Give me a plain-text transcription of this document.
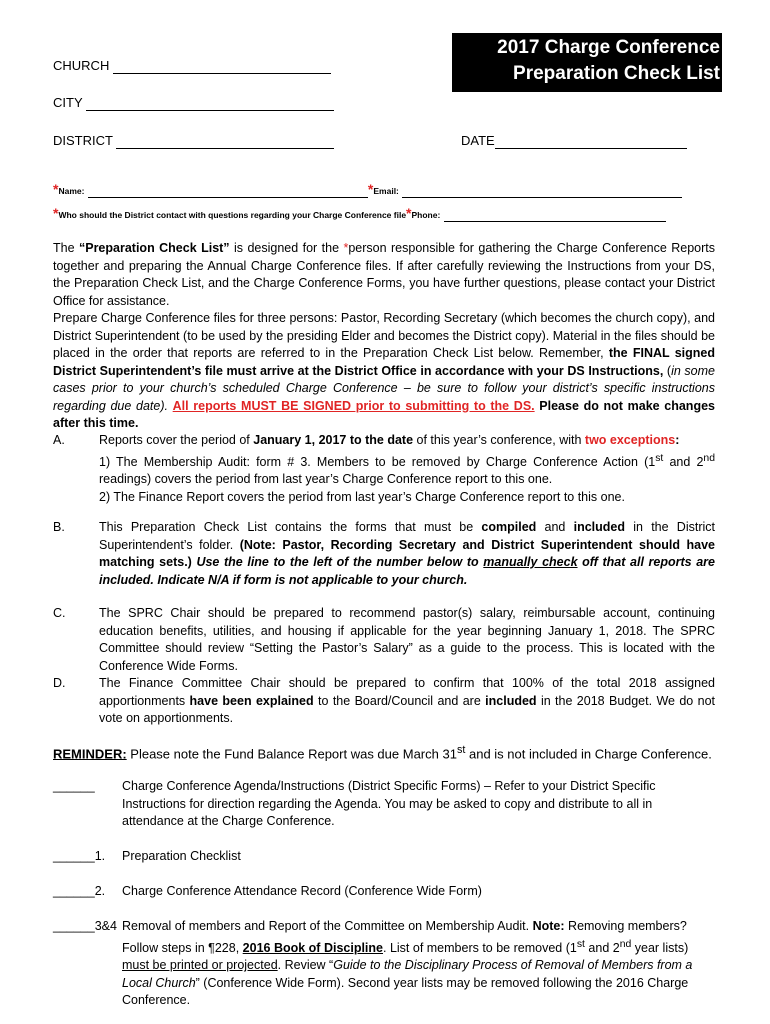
2017 Charge Conference
Preparation Check List
CHURCH
CITY
DISTRICT	DATE
*Name:	*Email:
*Who should the District contact with questions regarding your Charge Conference file*Phone:
The “Preparation Check List” is designed for the *person responsible for gathering the Charge Conference Reports together and preparing the Annual Charge Conference files. If after carefully reviewing the Instructions from your DS, the Preparation Check List, and the Charge Conference Forms, you have further questions, please contact your District Office for assistance.
Prepare Charge Conference files for three persons: Pastor, Recording Secretary (which becomes the church copy), and District Superintendent (to be used by the presiding Elder and becomes the District copy). Material in the files should be placed in the order that reports are referred to in the Preparation Check List below. Remember, the FINAL signed District Superintendent’s file must arrive at the District Office in accordance with your DS Instructions, (in some cases prior to your church’s scheduled Charge Conference – be sure to follow your district’s specific instructions regarding due date). All reports MUST BE SIGNED prior to submitting to the DS. Please do not make changes after this time.
A.	Reports cover the period of January 1, 2017 to the date of this year’s conference, with two exceptions:
1) The Membership Audit: form # 3. Members to be removed by Charge Conference Action (1st and 2nd readings) covers the period from last year’s Charge Conference report to this one.
2) The Finance Report covers the period from last year’s Charge Conference report to this one.
B.	This Preparation Check List contains the forms that must be compiled and included in the District Superintendent’s folder. (Note: Pastor, Recording Secretary and District Superintendent should have matching sets.) Use the line to the left of the number below to manually check off that all reports are included. Indicate N/A if form is not applicable to your church.
C.	The SPRC Chair should be prepared to recommend pastor(s) salary, reimbursable account, continuing education benefits, utilities, and housing if applicable for the year beginning January 1, 2018. The SPRC Committee should review “Setting the Pastor’s Salary” as a guide to the process. This is located with the Conference Wide Forms.
D.	The Finance Committee Chair should be prepared to confirm that 100% of the total 2018 assigned apportionments have been explained to the Board/Council and are included in the 2018 Budget. We do not vote on apportionments.
REMINDER: Please note the Fund Balance Report was due March 31st and is not included in Charge Conference.
______ Charge Conference Agenda/Instructions (District Specific Forms) – Refer to your District Specific Instructions for direction regarding the Agenda. You may be asked to copy and distribute to all in attendance at the Charge Conference.
______1. Preparation Checklist
______2. Charge Conference Attendance Record (Conference Wide Form)
______3&4 Removal of members and Report of the Committee on Membership Audit. Note: Removing members? Follow steps in ¶228, 2016 Book of Discipline. List of members to be removed (1st and 2nd year lists) must be printed or projected. Review “Guide to the Disciplinary Process of Removal of Members from a Local Church” (Conference Wide Form). Second year lists may be removed following the 2016 Charge Conference.
